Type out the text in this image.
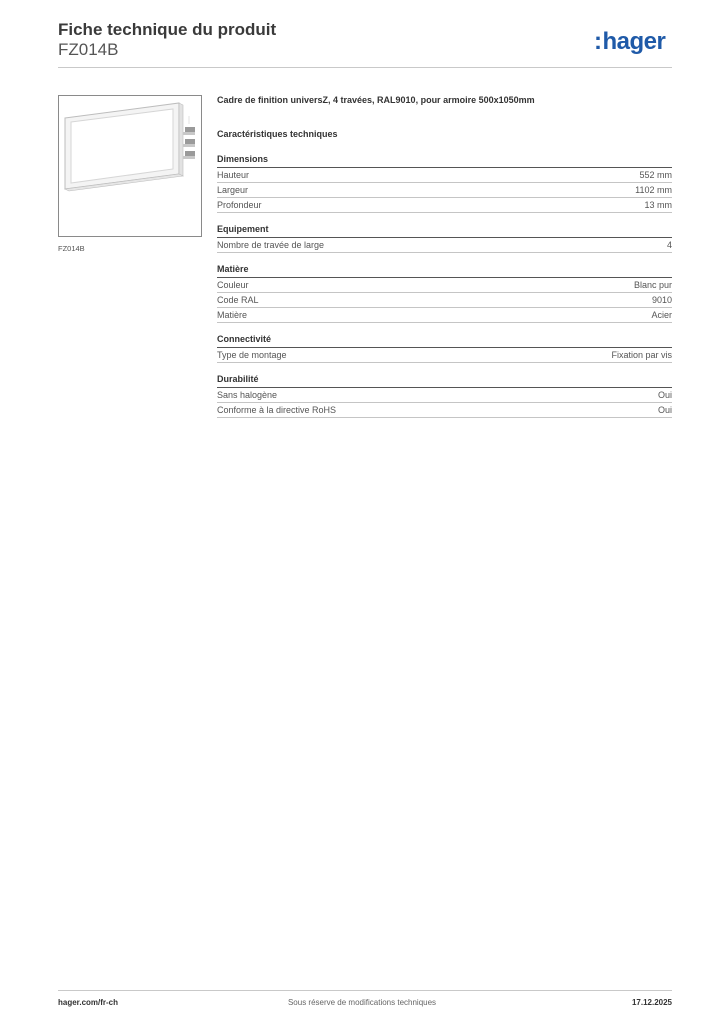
Fiche technique du produit
FZ014B	:hager
FZ014B
Cadre de finition universZ, 4 travées, RAL9010, pour armoire 500x1050mm
Caractéristiques techniques
Dimensions
Hauteur	552 mm
Largeur	1102 mm
Profondeur	13 mm
Equipement
Nombre de travée de large	4
Matière
Couleur	Blanc pur
Code RAL	9010
Matière	Acier
Connectivité
Type de montage	Fixation par vis
Durabilité
Sans halogène	Oui
Conforme à la directive RoHS	Oui
hager.com/fr-ch	Sous réserve de modifications techniques	17.12.2025
